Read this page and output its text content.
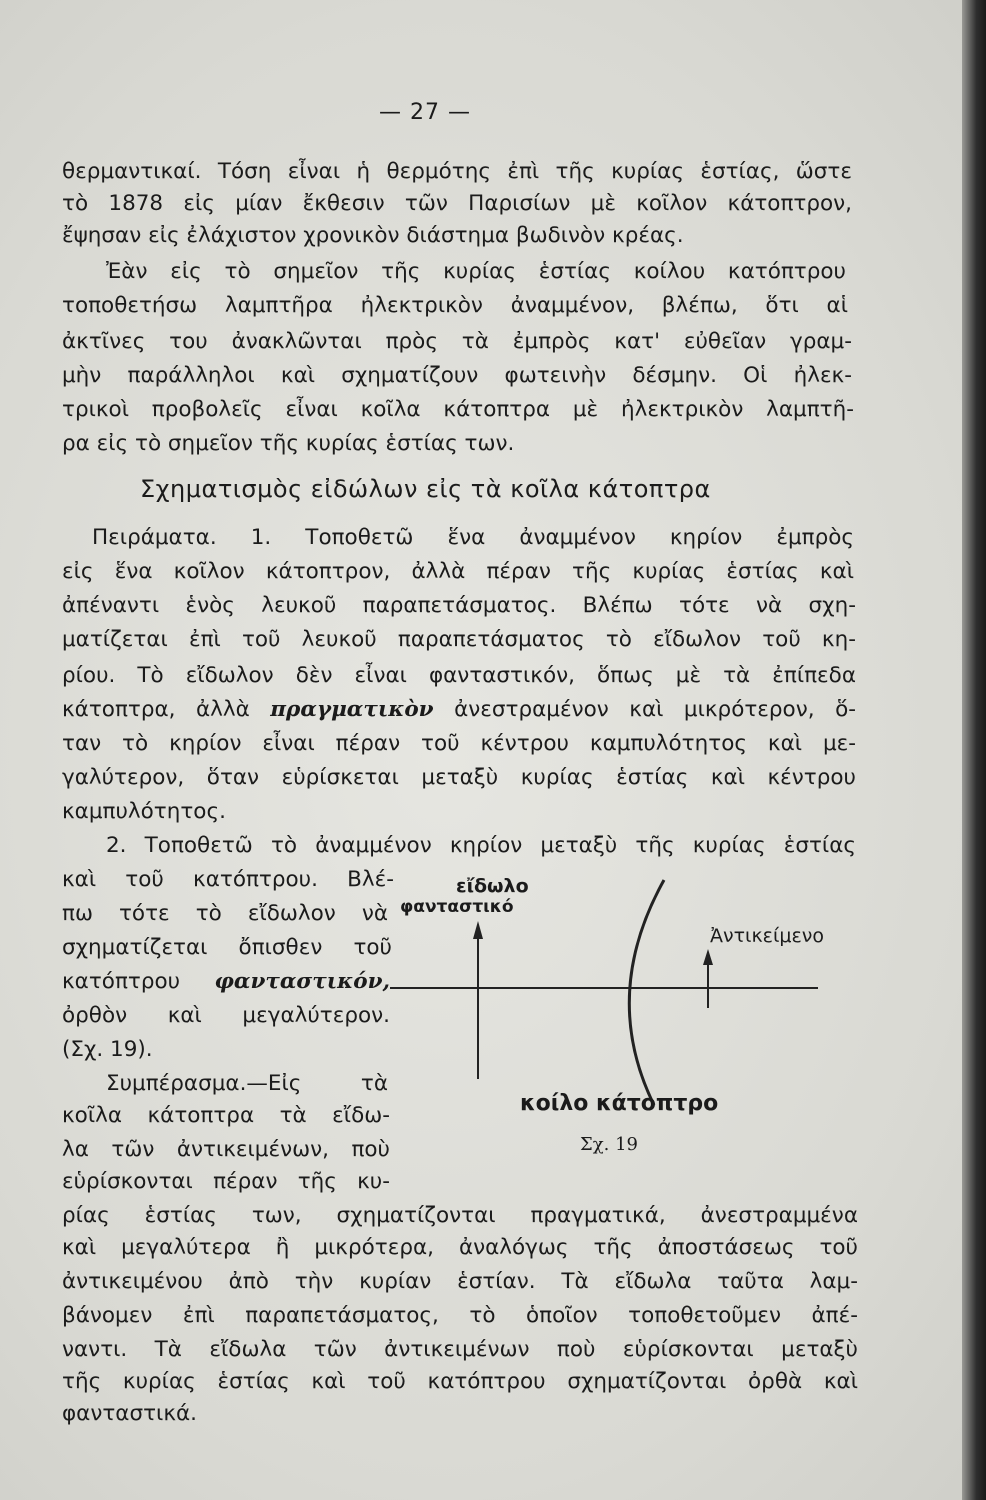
— 27 —
θερμαντικαί. Τόση εἶναι ἡ θερμότης ἐπὶ τῆς κυρίας ἑστίας, ὥστε
τὸ 1878 εἰς μίαν ἔκθεσιν τῶν Παρισίων μὲ κοῖλον κάτοπτρον,
ἔψησαν εἰς ἐλάχιστον χρονικὸν διάστημα βωδινὸν κρέας.
Ἐὰν εἰς τὸ σημεῖον τῆς κυρίας ἑστίας κοίλου κατόπτρου
τοποθετήσω λαμπτῆρα ἠλεκτρικὸν ἀναμμένον, βλέπω, ὅτι αἱ
ἀκτῖνες του ἀνακλῶνται πρὸς τὰ ἐμπρὸς κατ' εὐθεῖαν γραμ-
μὴν παράλληλοι καὶ σχηματίζουν φωτεινὴν δέσμην. Οἱ ἠλεκ-
τρικοὶ προβολεῖς εἶναι κοῖλα κάτοπτρα μὲ ἠλεκτρικὸν λαμπτῆ-
ρα εἰς τὸ σημεῖον τῆς κυρίας ἑστίας των.
Σχηματισμὸς εἰδώλων εἰς τὰ κοῖλα κάτοπτρα
Πειράματα. 1. Τοποθετῶ ἕνα ἀναμμένον κηρίον ἐμπρὸς
εἰς ἕνα κοῖλον κάτοπτρον, ἀλλὰ πέραν τῆς κυρίας ἑστίας καὶ
ἀπέναντι ἑνὸς λευκοῦ παραπετάσματος. Βλέπω τότε νὰ σχη-
ματίζεται ἐπὶ τοῦ λευκοῦ παραπετάσματος τὸ εἴδωλον τοῦ κη-
ρίου. Τὸ εἴδωλον δὲν εἶναι φανταστικόν, ὅπως μὲ τὰ ἐπίπεδα
κάτοπτρα, ἀλλὰ πραγματικὸν ἀνεστραμένον καὶ μικρότερον, ὅ-
ταν τὸ κηρίον εἶναι πέραν τοῦ κέντρου καμπυλότητος καὶ με-
γαλύτερον, ὅταν εὑρίσκεται μεταξὺ κυρίας ἑστίας καὶ κέντρου
καμπυλότητος.
2. Τοποθετῶ τὸ ἀναμμένον κηρίον μεταξὺ τῆς κυρίας ἑστίας
καὶ τοῦ κατόπτρου. Βλέ-
πω τότε τὸ εἴδωλον νὰ
σχηματίζεται ὄπισθεν τοῦ
κατόπτρου φανταστικόν,
ὀρθὸν καὶ μεγαλύτερον.
(Σχ. 19).
Συμπέρασμα.—Εἰς τὰ
κοῖλα κάτοπτρα τὰ εἴδω-
λα τῶν ἀντικειμένων, ποὺ
εὑρίσκονται πέραν τῆς κυ-
ρίας ἑστίας των, σχηματίζονται πραγματικά, ἀνεστραμμένα
καὶ μεγαλύτερα ἢ μικρότερα, ἀναλόγως τῆς ἀποστάσεως τοῦ
ἀντικειμένου ἀπὸ τὴν κυρίαν ἑστίαν. Τὰ εἴδωλα ταῦτα λαμ-
βάνομεν ἐπὶ παραπετάσματος, τὸ ὁποῖον τοποθετοῦμεν ἀπέ-
ναντι. Τὰ εἴδωλα τῶν ἀντικειμένων ποὺ εὑρίσκονται μεταξὺ
τῆς κυρίας ἑστίας καὶ τοῦ κατόπτρου σχηματίζονται ὀρθὰ καὶ
φανταστικά.
εἴδωλο
φανταστικό
Ἀντικείμενο
κοίλο κάτοπτρο
Σχ. 19
